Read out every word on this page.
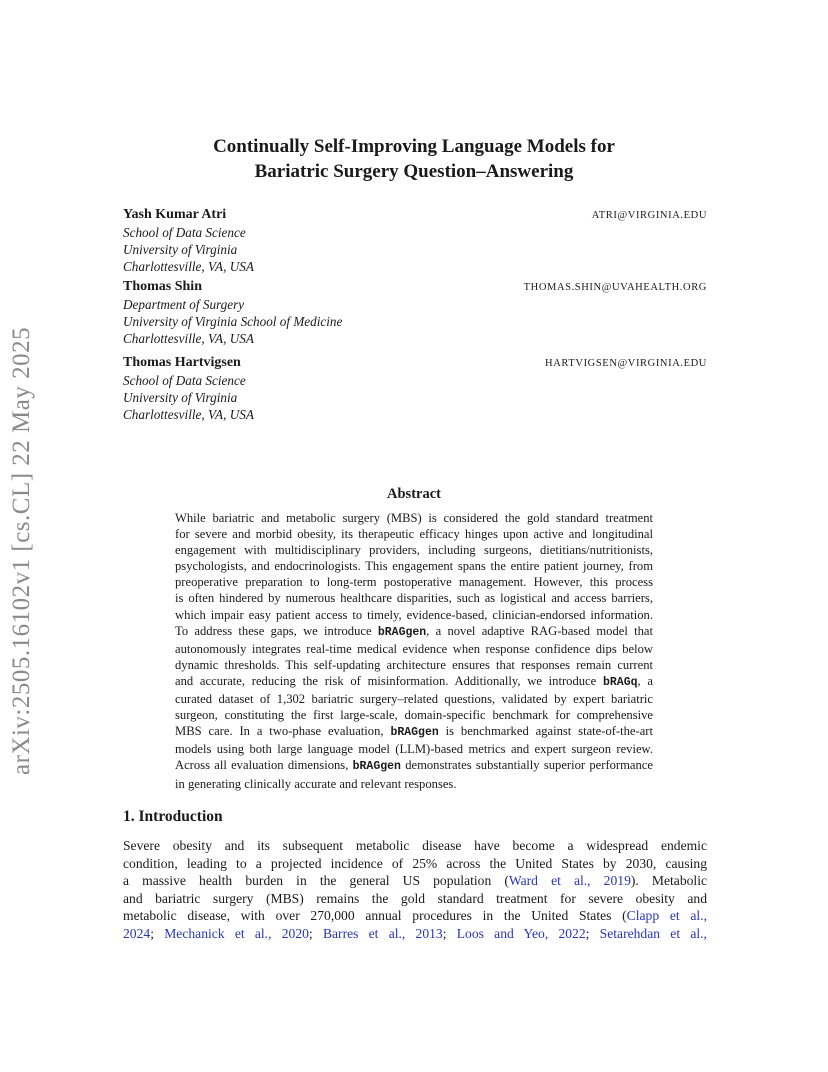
arXiv:2505.16102v1 [cs.CL] 22 May 2025
Continually Self-Improving Language Models for
Bariatric Surgery Question–Answering
Yash Kumar Atri	ATRI@VIRGINIA.EDU
School of Data Science
University of Virginia
Charlottesville, VA, USA
Thomas Shin	THOMAS.SHIN@UVAHEALTH.ORG
Department of Surgery
University of Virginia School of Medicine
Charlottesville, VA, USA
Thomas Hartvigsen	HARTVIGSEN@VIRGINIA.EDU
School of Data Science
University of Virginia
Charlottesville, VA, USA
Abstract
While bariatric and metabolic surgery (MBS) is considered the gold standard treatment
for severe and morbid obesity, its therapeutic efficacy hinges upon active and longitudinal
engagement with multidisciplinary providers, including surgeons, dietitians/nutritionists,
psychologists, and endocrinologists. This engagement spans the entire patient journey, from
preoperative preparation to long-term postoperative management. However, this process
is often hindered by numerous healthcare disparities, such as logistical and access barriers,
which impair easy patient access to timely, evidence-based, clinician-endorsed information.
To address these gaps, we introduce bRAGgen, a novel adaptive RAG-based model that
autonomously integrates real-time medical evidence when response confidence dips below
dynamic thresholds. This self-updating architecture ensures that responses remain current
and accurate, reducing the risk of misinformation. Additionally, we introduce bRAGq, a
curated dataset of 1,302 bariatric surgery–related questions, validated by expert bariatric
surgeon, constituting the first large-scale, domain-specific benchmark for comprehensive
MBS care. In a two-phase evaluation, bRAGgen is benchmarked against state-of-the-art
models using both large language model (LLM)-based metrics and expert surgeon review.
Across all evaluation dimensions, bRAGgen demonstrates substantially superior performance
in generating clinically accurate and relevant responses.
1. Introduction
Severe obesity and its subsequent metabolic disease have become a widespread endemic
condition, leading to a projected incidence of 25% across the United States by 2030, causing
a massive health burden in the general US population (Ward et al., 2019). Metabolic
and bariatric surgery (MBS) remains the gold standard treatment for severe obesity and
metabolic disease, with over 270,000 annual procedures in the United States (Clapp et al.,
2024; Mechanick et al., 2020; Barres et al., 2013; Loos and Yeo, 2022; Setarehdan et al.,
